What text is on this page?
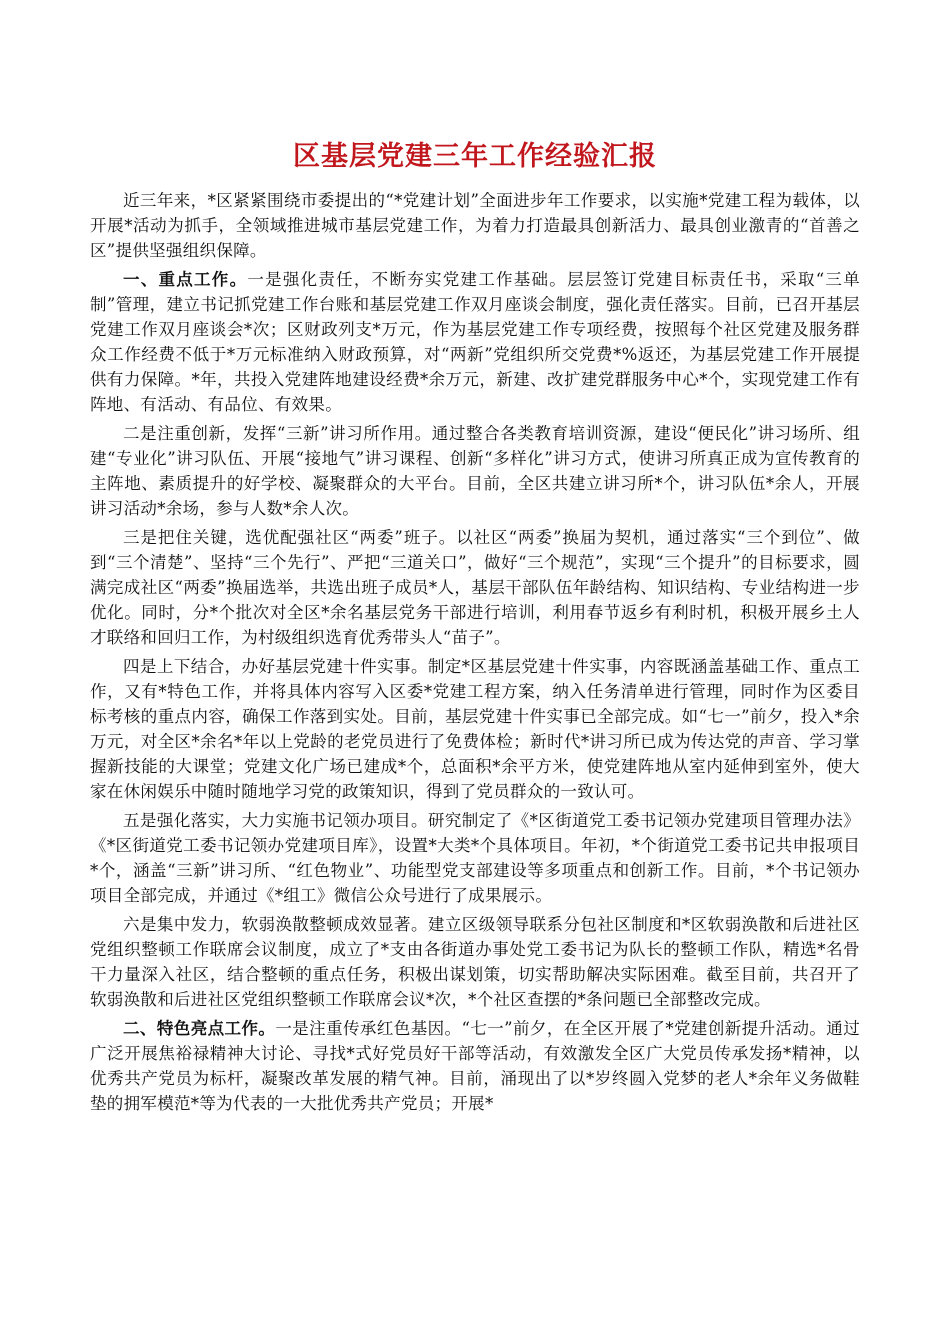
区基层党建三年工作经验汇报

近三年来，*区紧紧围绕市委提出的“*党建计划”全面进步年工作要求，以实施*党建工程为载体，以开展*活动为抓手，全领域推进城市基层党建工作，为着力打造最具创新活力、最具创业激青的“首善之区”提供坚强组织保障。

一、重点工作。一是强化责任，不断夯实党建工作基础。层层签订党建目标责任书，采取“三单制”管理，建立书记抓党建工作台账和基层党建工作双月座谈会制度，强化责任落实。目前，已召开基层党建工作双月座谈会*次；区财政列支*万元，作为基层党建工作专项经费，按照每个社区党建及服务群众工作经费不低于*万元标准纳入财政预算，对“两新”党组织所交党费*%返还，为基层党建工作开展提供有力保障。*年，共投入党建阵地建设经费*余万元，新建、改扩建党群服务中心*个，实现党建工作有阵地、有活动、有品位、有效果。

二是注重创新，发挥“三新”讲习所作用。通过整合各类教育培训资源，建设“便民化”讲习场所、组建“专业化”讲习队伍、开展“接地气”讲习课程、创新“多样化”讲习方式，使讲习所真正成为宣传教育的主阵地、素质提升的好学校、凝聚群众的大平台。目前，全区共建立讲习所*个，讲习队伍*余人，开展讲习活动*余场，参与人数*余人次。

三是把住关键，选优配强社区“两委”班子。以社区“两委”换届为契机，通过落实“三个到位”、做到“三个清楚”、坚持“三个先行”、严把“三道关口”，做好“三个规范”，实现“三个提升”的目标要求，圆满完成社区“两委”换届选举，共选出班子成员*人，基层干部队伍年龄结构、知识结构、专业结构进一步优化。同时，分*个批次对全区*余名基层党务干部进行培训，利用春节返乡有利时机，积极开展乡土人才联络和回归工作，为村级组织选育优秀带头人“苗子”。

四是上下结合，办好基层党建十件实事。制定*区基层党建十件实事，内容既涵盖基础工作、重点工作，又有*特色工作，并将具体内容写入区委*党建工程方案，纳入任务清单进行管理，同时作为区委目标考核的重点内容，确保工作落到实处。目前，基层党建十件实事已全部完成。如“七一”前夕，投入*余万元，对全区*余名*年以上党龄的老党员进行了免费体检；新时代*讲习所已成为传达党的声音、学习掌握新技能的大课堂；党建文化广场已建成*个，总面积*余平方米，使党建阵地从室内延伸到室外，使大家在休闲娱乐中随时随地学习党的政策知识，得到了党员群众的一致认可。

五是强化落实，大力实施书记领办项目。研究制定了《*区街道党工委书记领办党建项目管理办法》《*区街道党工委书记领办党建项目库》，设置*大类*个具体项目。年初，*个街道党工委书记共申报项目*个，涵盖“三新”讲习所、“红色物业”、功能型党支部建设等多项重点和创新工作。目前，*个书记领办项目全部完成，并通过《*组工》微信公众号进行了成果展示。

六是集中发力，软弱涣散整顿成效显著。建立区级领导联系分包社区制度和*区软弱涣散和后进社区党组织整顿工作联席会议制度，成立了*支由各街道办事处党工委书记为队长的整顿工作队，精选*名骨干力量深入社区，结合整顿的重点任务，积极出谋划策，切实帮助解决实际困难。截至目前，共召开了软弱涣散和后进社区党组织整顿工作联席会议*次，*个社区查摆的*条问题已全部整改完成。

二、特色亮点工作。一是注重传承红色基因。“七一”前夕，在全区开展了*党建创新提升活动。通过广泛开展焦裕禄精神大讨论、寻找*式好党员好干部等活动，有效激发全区广大党员传承发扬*精神，以优秀共产党员为标杆，凝聚改革发展的精气神。目前，涌现出了以*岁终圆入党梦的老人*余年义务做鞋垫的拥军模范*等为代表的一大批优秀共产党员；开展*
